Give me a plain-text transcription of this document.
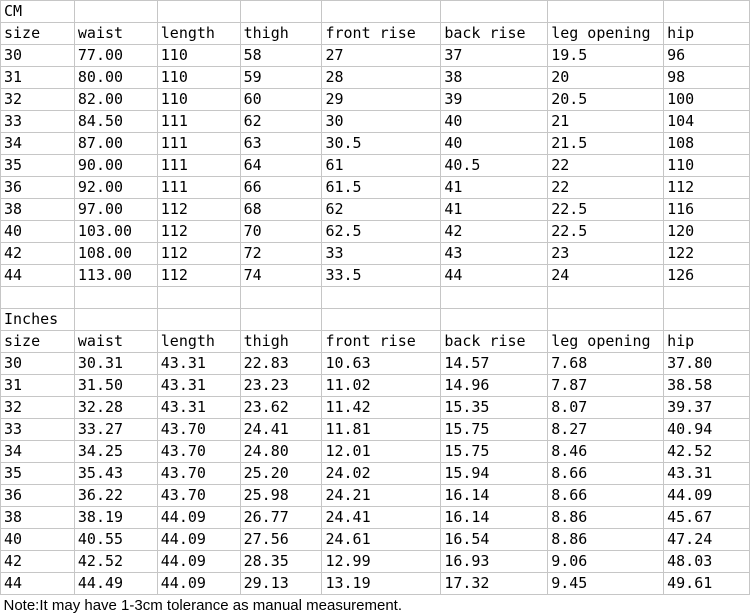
CM							
size	waist	length	thigh	front rise	back rise	leg opening	hip
30	77.00	110	58	27	37	19.5	96
31	80.00	110	59	28	38	20	98
32	82.00	110	60	29	39	20.5	100
33	84.50	111	62	30	40	21	104
34	87.00	111	63	30.5	40	21.5	108
35	90.00	111	64	61	40.5	22	110
36	92.00	111	66	61.5	41	22	112
38	97.00	112	68	62	41	22.5	116
40	103.00	112	70	62.5	42	22.5	120
42	108.00	112	72	33	43	23	122
44	113.00	112	74	33.5	44	24	126

Inches							
size	waist	length	thigh	front rise	back rise	leg opening	hip
30	30.31	43.31	22.83	10.63	14.57	7.68	37.80
31	31.50	43.31	23.23	11.02	14.96	7.87	38.58
32	32.28	43.31	23.62	11.42	15.35	8.07	39.37
33	33.27	43.70	24.41	11.81	15.75	8.27	40.94
34	34.25	43.70	24.80	12.01	15.75	8.46	42.52
35	35.43	43.70	25.20	24.02	15.94	8.66	43.31
36	36.22	43.70	25.98	24.21	16.14	8.66	44.09
38	38.19	44.09	26.77	24.41	16.14	8.86	45.67
40	40.55	44.09	27.56	24.61	16.54	8.86	47.24
42	42.52	44.09	28.35	12.99	16.93	9.06	48.03
44	44.49	44.09	29.13	13.19	17.32	9.45	49.61
Note:It may have 1-3cm tolerance as manual measurement.							
